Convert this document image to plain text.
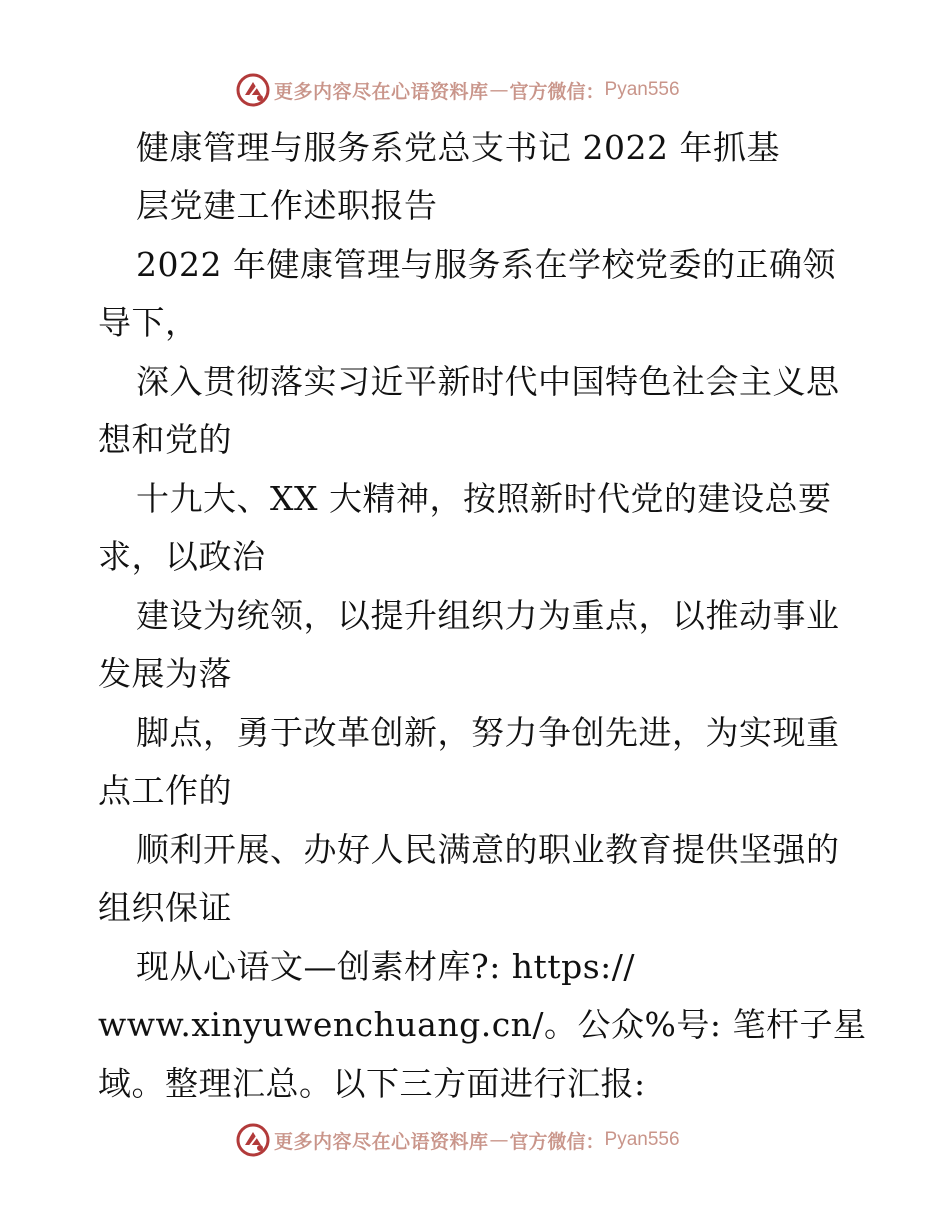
更多内容尽在心语资料库 — 官方微信： Pyan556
健康管理与服务系党总支书记 2022 年抓基
层党建工作述职报告
2022 年健康管理与服务系在学校党委的正确领
导下，
深入贯彻落实习近平新时代中国特色社会主义思
想和党的
十九大、XX 大精神，按照新时代党的建设总要
求，以政治
建设为统领，以提升组织力为重点，以推动事业
发展为落
脚点，勇于改革创新，努力争创先进，为实现重
点工作的
顺利开展、办好人民满意的职业教育提供坚强的
组织保证
现从心语文—创素材库?: https://
www.xinyuwenchuang.cn/。公众%号: 笔杆子星
域。整理汇总。以下三方面进行汇报:
更多内容尽在心语资料库 — 官方微信： Pyan556
